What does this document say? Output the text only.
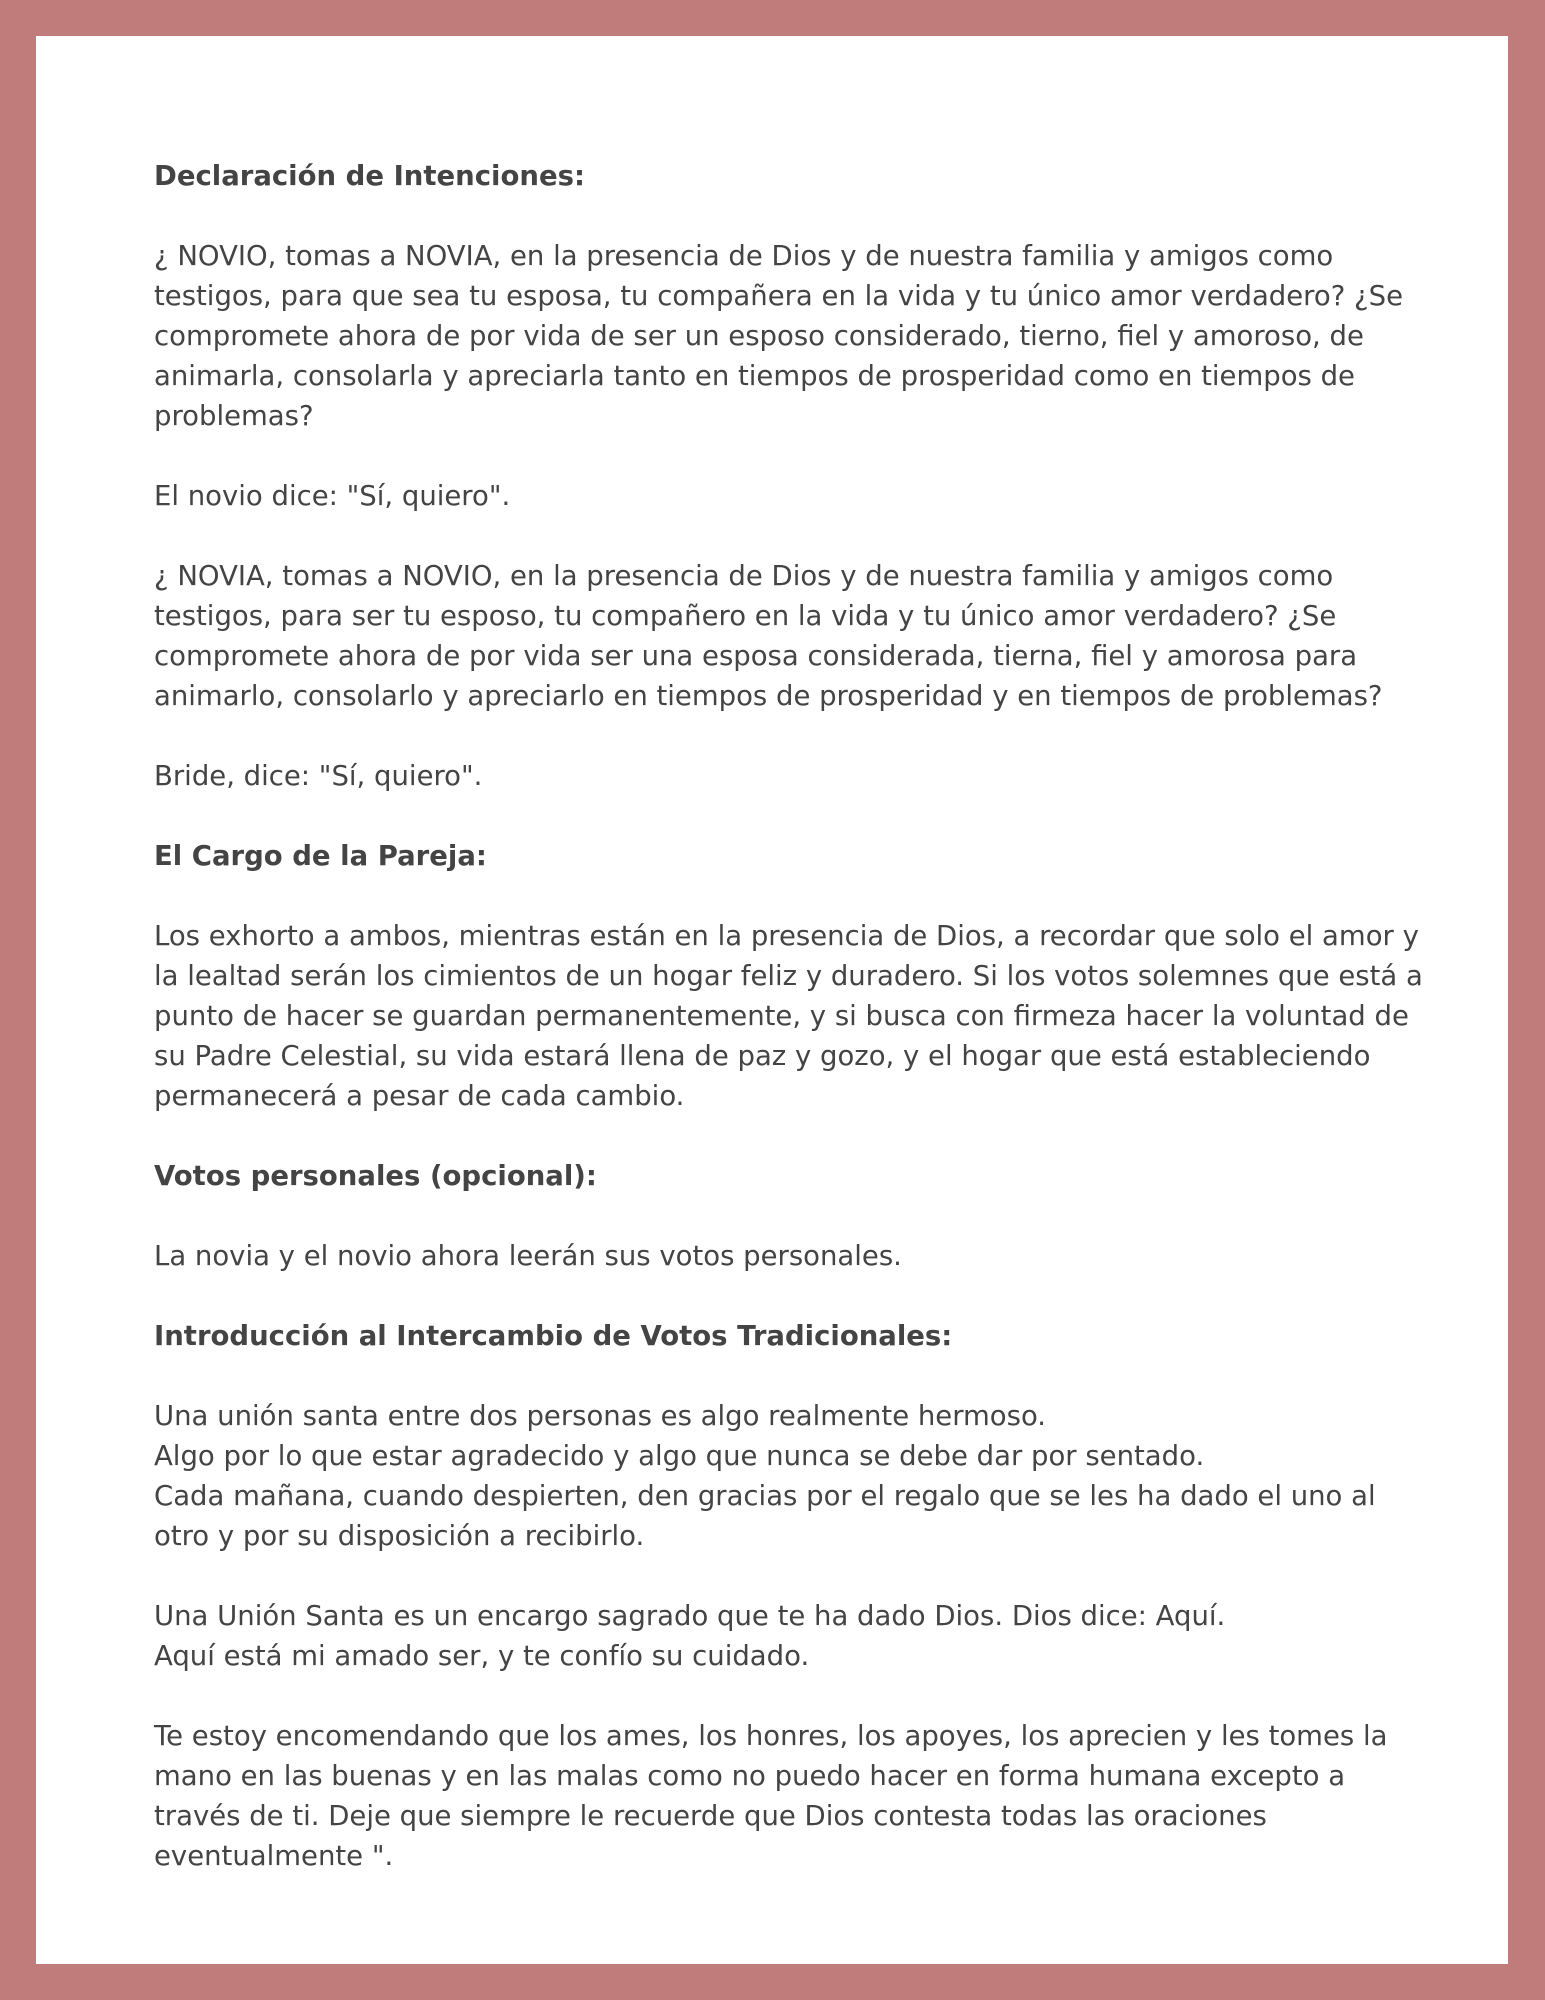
Declaración de Intenciones:
¿ NOVIO, tomas a NOVIA, en la presencia de Dios y de nuestra familia y amigos como
testigos, para que sea tu esposa, tu compañera en la vida y tu único amor verdadero? ¿Se
compromete ahora de por vida de ser un esposo considerado, tierno, fiel y amoroso, de
animarla, consolarla y apreciarla tanto en tiempos de prosperidad como en tiempos de
problemas?
El novio dice: "Sí, quiero".
¿ NOVIA, tomas a NOVIO, en la presencia de Dios y de nuestra familia y amigos como
testigos, para ser tu esposo, tu compañero en la vida y tu único amor verdadero? ¿Se
compromete ahora de por vida ser una esposa considerada, tierna, fiel y amorosa para
animarlo, consolarlo y apreciarlo en tiempos de prosperidad y en tiempos de problemas?
Bride, dice: "Sí, quiero".
El Cargo de la Pareja:
Los exhorto a ambos, mientras están en la presencia de Dios, a recordar que solo el amor y
la lealtad serán los cimientos de un hogar feliz y duradero. Si los votos solemnes que está a
punto de hacer se guardan permanentemente, y si busca con firmeza hacer la voluntad de
su Padre Celestial, su vida estará llena de paz y gozo, y el hogar que está estableciendo
permanecerá a pesar de cada cambio.
Votos personales (opcional):
La novia y el novio ahora leerán sus votos personales.
Introducción al Intercambio de Votos Tradicionales:
Una unión santa entre dos personas es algo realmente hermoso.
Algo por lo que estar agradecido y algo que nunca se debe dar por sentado.
Cada mañana, cuando despierten, den gracias por el regalo que se les ha dado el uno al
otro y por su disposición a recibirlo.
Una Unión Santa es un encargo sagrado que te ha dado Dios. Dios dice: Aquí.
Aquí está mi amado ser, y te confío su cuidado.
Te estoy encomendando que los ames, los honres, los apoyes, los aprecien y les tomes la
mano en las buenas y en las malas como no puedo hacer en forma humana excepto a
través de ti. Deje que siempre le recuerde que Dios contesta todas las oraciones
eventualmente ".
